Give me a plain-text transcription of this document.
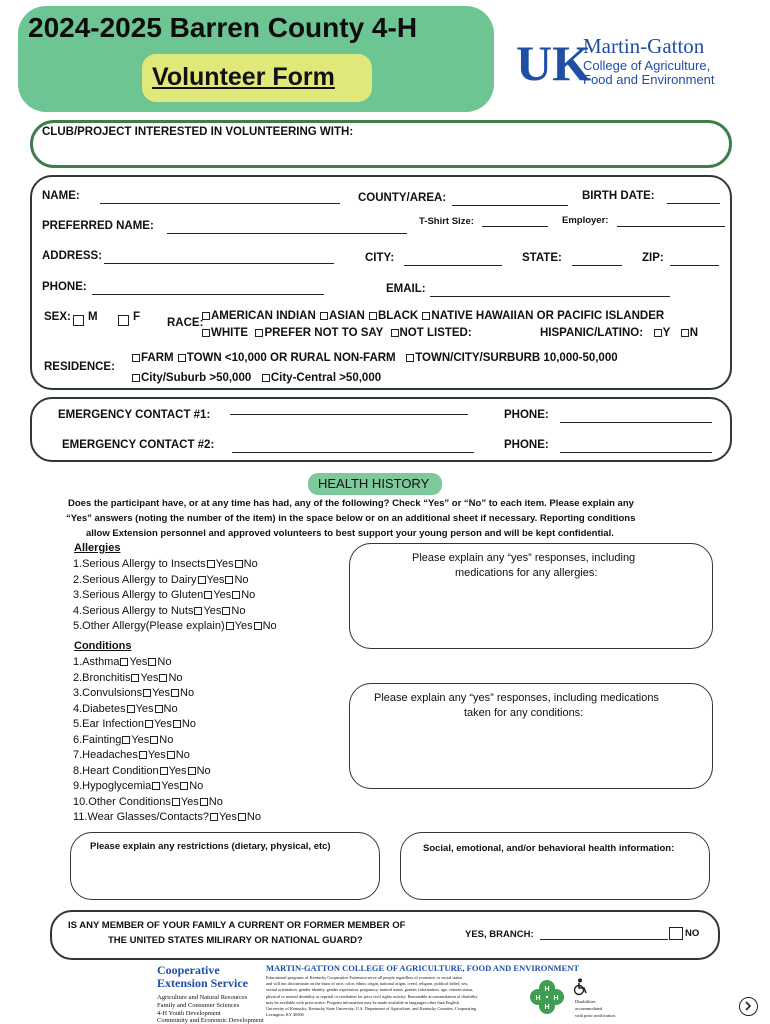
2024-2025 Barren County 4-H
Volunteer Form	UK
Martin-Gatton
College of Agriculture,
Food and Environment
CLUB/PROJECT INTERESTED IN VOLUNTEERING WITH:
NAME:	COUNTY/AREA:	BIRTH DATE:
PREFERRED NAME:	T-Shirt Size:	Employer:
ADDRESS:	CITY:	STATE:	ZIP:
PHONE:	EMAIL:
SEX: M	F RACE:
AMERICAN INDIAN ASIAN BLACK NATIVE HAWAIIAN OR PACIFIC ISLANDER
WHITE PREFER NOT TO SAY NOT LISTED:	HISPANIC/LATINO: Y N
RESIDENCE:
FARM TOWN <10,000 OR RURAL NON-FARM TOWN/CITY/SURBURB 10,000-50,000
City/Suburb >50,000 City-Central >50,000
EMERGENCY CONTACT #1:	PHONE:
EMERGENCY CONTACT #2:	PHONE:
HEALTH HISTORY
Does the participant have, or at any time has had, any of the following? Check “Yes” or “No” to each item. Please explain any
“Yes” answers (noting the number of the item) in the space below or on an additional sheet if necessary. Reporting conditions
allow Extension personnel and approved volunteers to best support your young person and will be kept confidential.
Allergies
1.Serious Allergy to Insects Yes No
2.Serious Allergy to Dairy Yes No
3.Serious Allergy to Gluten Yes No
4.Serious Allergy to Nuts Yes No
5.Other Allergy(Please explain) Yes No
Conditions
1.Asthma Yes No
2.Bronchitis Yes No
3.Convulsions Yes No
4.Diabetes Yes No
5.Ear Infection Yes No
6.Fainting Yes No
7.Headaches Yes No
8.Heart Condition Yes No
9.Hypoglycemia Yes No
10.Other Conditions Yes No
11.Wear Glasses/Contacts? Yes No
Please explain any “yes” responses, including
medications for any allergies:
Please explain any “yes” responses, including medications
taken for any conditions:
Please explain any restrictions (dietary, physical, etc)	Social, emotional, and/or behavioral health information:
IS ANY MEMBER OF YOUR FAMILY A CURRENT OR FORMER MEMBER OF
THE UNITED STATES MILIRARY OR NATIONAL GUARD?
YES, BRANCH:	NO
Cooperative
Extension Service
Agriculture and Natural Resources
Family and Consumer Sciences
4-H Youth Development
Community and Economic Development
MARTIN-GATTON COLLEGE OF AGRICULTURE, FOOD AND ENVIRONMENT
Educational programs of Kentucky Cooperative Extension serve all people regardless of economic or social status
and will not discriminate on the basis of race, color, ethnic origin, national origin, creed, religion, political belief, sex,
sexual orientation, gender identity, gender expression, pregnancy, marital status, genetic information, age, veteran status,
physical or mental disability or reprisal or retaliation for prior civil rights activity. Reasonable accommodation of disability
may be available with prior notice. Program information may be made available in languages other than English.
University of Kentucky, Kentucky State University, U.S. Department of Agriculture, and Kentucky Counties, Cooperating.
Lexington, KY 40506
H
H
H
H	Disabilities
accommodated
with prior notification.
